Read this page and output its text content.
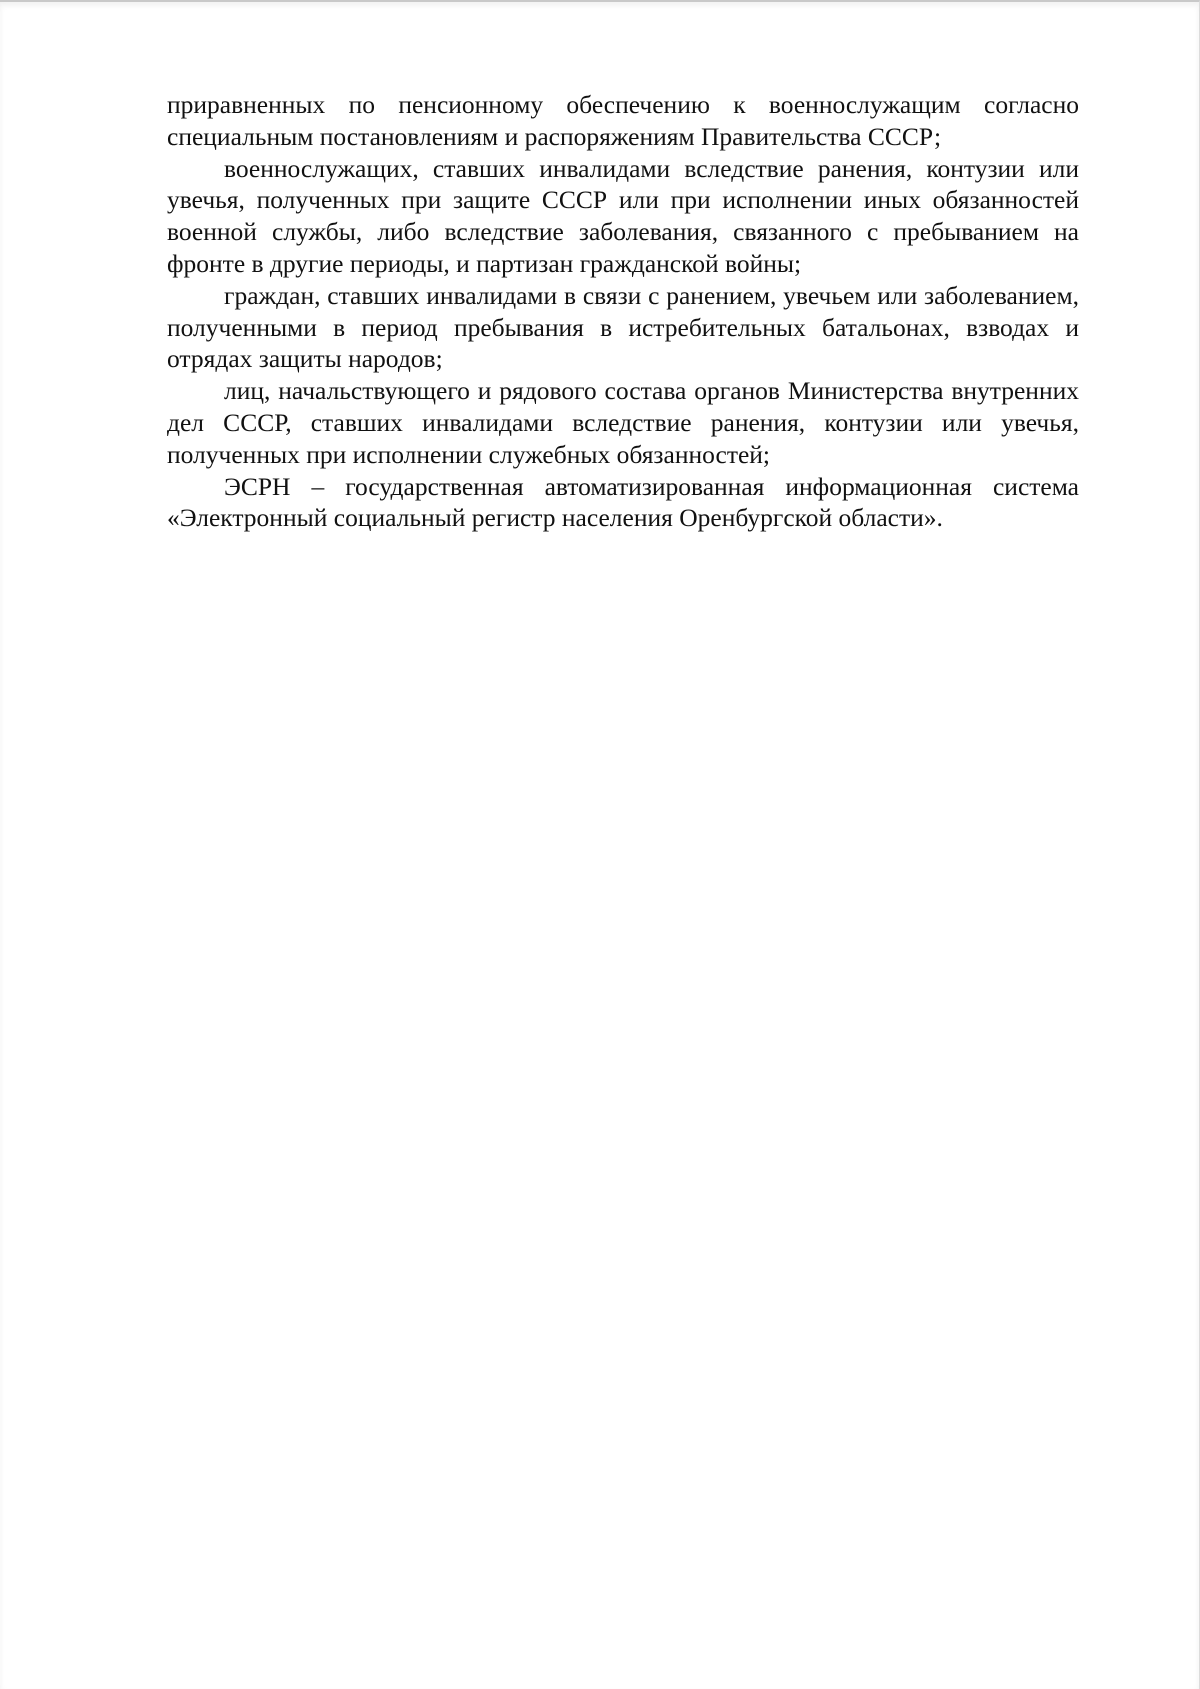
приравненных по пенсионному обеспечению к военнослужащим согласно специальным постановлениям и распоряжениям Правительства СССР;

военнослужащих, ставших инвалидами вследствие ранения, контузии или увечья, полученных при защите СССР или при исполнении иных обязанностей военной службы, либо вследствие заболевания, связанного с пребыванием на фронте в другие периоды, и партизан гражданской войны;

граждан, ставших инвалидами в связи с ранением, увечьем или заболеванием, полученными в период пребывания в истребительных батальонах, взводах и отрядах защиты народов;

лиц, начальствующего и рядового состава органов Министерства внутренних дел СССР, ставших инвалидами вследствие ранения, контузии или увечья, полученных при исполнении служебных обязанностей;

ЭСРН – государственная автоматизированная информационная система «Электронный социальный регистр населения Оренбургской области».
